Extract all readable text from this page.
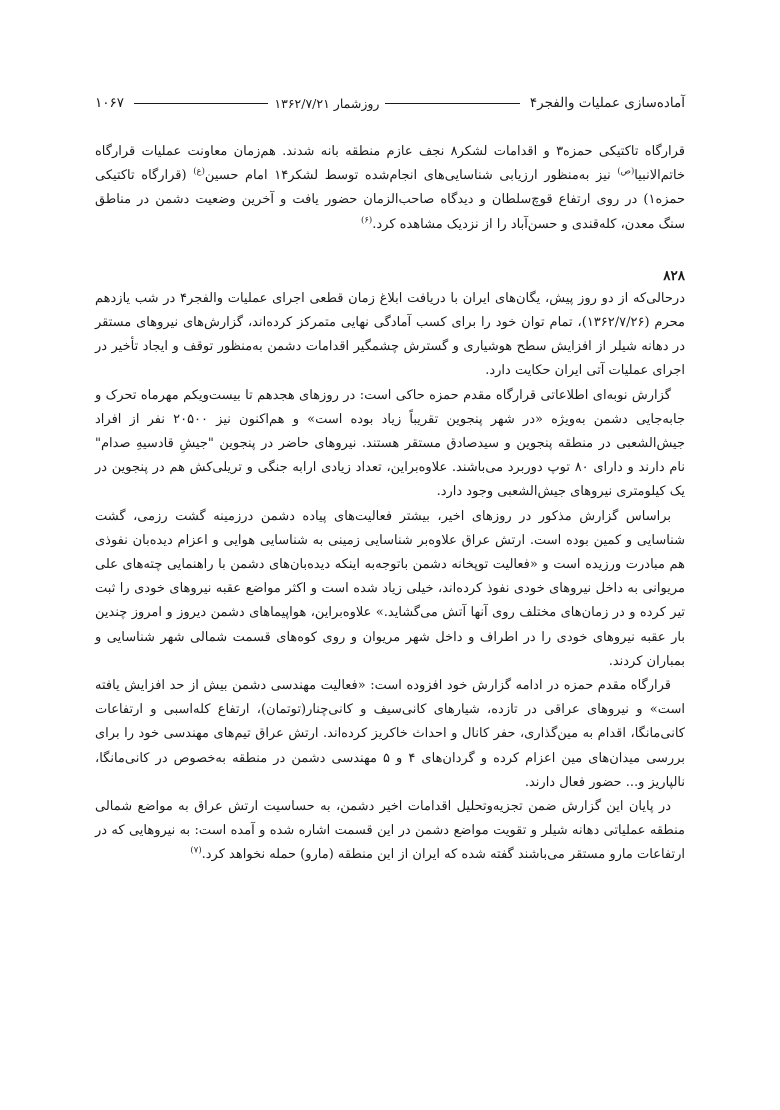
آماده‌سازی عملیات والفجر۴
روزشمار ۱۳۶۲/۷/۲۱
۱۰۶۷

قرارگاه تاکتیکی حمزه۳ و اقدامات لشکر۸ نجف عازم منطقه بانه شدند. هم‌زمان معاونت عملیات قرارگاه خاتم‌الانبیا$^{(ص)}$ نیز به‌منظور ارزیابی شناسایی‌های انجام‌شده توسط لشکر۱۴ امام حسین$^{(ع)}$ (قرارگاه تاکتیکی حمزه۱) در روی ارتفاع قوچ‌سلطان و دیدگاه صاحب‌الزمان حضور یافت و آخرین وضعیت دشمن در مناطق سنگ معدن، کله‌قندی و حسن‌آباد را از نزدیک مشاهده کرد.$^{(۶)}$

۸۲۸

درحالی‌که از دو روز پیش، یگان‌های ایران با دریافت ابلاغ زمان قطعی اجرای عملیات والفجر۴ در شب یازدهم محرم (۱۳۶۲/۷/۲۶)، تمام توان خود را برای کسب آمادگی نهایی متمرکز کرده‌اند، گزارش‌های نیروهای مستقر در دهانه شیلر از افزایش سطح هوشیاری و گسترش چشمگیر اقدامات دشمن به‌منظور توقف و ایجاد تأخیر در اجرای عملیات آتی ایران حکایت دارد.

گزارش نوبه‌ای اطلاعاتی قرارگاه مقدم حمزه حاکی است: در روزهای هجدهم تا بیست‌ویکم مهرماه تحرک و جابه‌جایی دشمن به‌ویژه «در شهر پنجوین تقریباً زیاد بوده است» و هم‌اکنون نیز ۲۰۵۰۰ نفر از افراد جیش‌الشعبی در منطقه پنجوین و سیدصادق مستقر هستند. نیروهای حاضر در پنجوین "جیشِ قادسیهِ صدام" نام دارند و دارای ۸۰ توپ دوربرد می‌باشند. علاوه‌براین، تعداد زیادی ارابه جنگی و تریلی‌کش هم در پنجوین در یک کیلومتری نیروهای جیش‌الشعبی وجود دارد.

براساس گزارش مذکور در روزهای اخیر، بیشتر فعالیت‌های پیاده دشمن درزمینه گشت رزمی، گشت شناسایی و کمین بوده است. ارتش عراق علاوه‌بر شناسایی زمینی به شناسایی هوایی و اعزام دیده‌بان نفوذی هم مبادرت ورزیده است و «فعالیت توپخانه دشمن باتوجه‌به اینکه دیده‌بان‌های دشمن با راهنمایی چته‌های علی مریوانی به داخل نیروهای خودی نفوذ کرده‌اند، خیلی زیاد شده است و اکثر مواضع عقبه نیروهای خودی را ثبت تیر کرده و در زمان‌های مختلف روی آنها آتش می‌گشاید.» علاوه‌براین، هواپیماهای دشمن دیروز و امروز چندین بار عقبه نیروهای خودی را در اطراف و داخل شهر مریوان و روی کوه‌های قسمت شمالی شهر شناسایی و بمباران کردند.

قرارگاه مقدم حمزه در ادامه گزارش خود افزوده است: «فعالیت مهندسی دشمن بیش از حد افزایش یافته است» و نیروهای عراقی در تازده، شیارهای کانی‌سیف و کانی‌چنار(توتمان)، ارتفاع کله‌اسبی و ارتفاعات کانی‌مانگا، اقدام به مین‌گذاری، حفر کانال و احداث خاکریز کرده‌اند. ارتش عراق تیم‌های مهندسی خود را برای بررسی میدان‌های مین اعزام کرده و گردان‌های ۴ و ۵ مهندسی دشمن در منطقه به‌خصوص در کانی‌مانگا، نالپاریز و... حضور فعال دارند.

در پایان این گزارش ضمن تجزیه‌وتحلیل اقدامات اخیر دشمن، به حساسیت ارتش عراق به مواضع شمالی منطقه عملیاتی دهانه شیلر و تقویت مواضع دشمن در این قسمت اشاره شده و آمده است: به نیروهایی که در ارتفاعات مارو مستقر می‌باشند گفته شده که ایران از این منطقه (مارو) حمله نخواهد کرد.$^{(۷)}$
